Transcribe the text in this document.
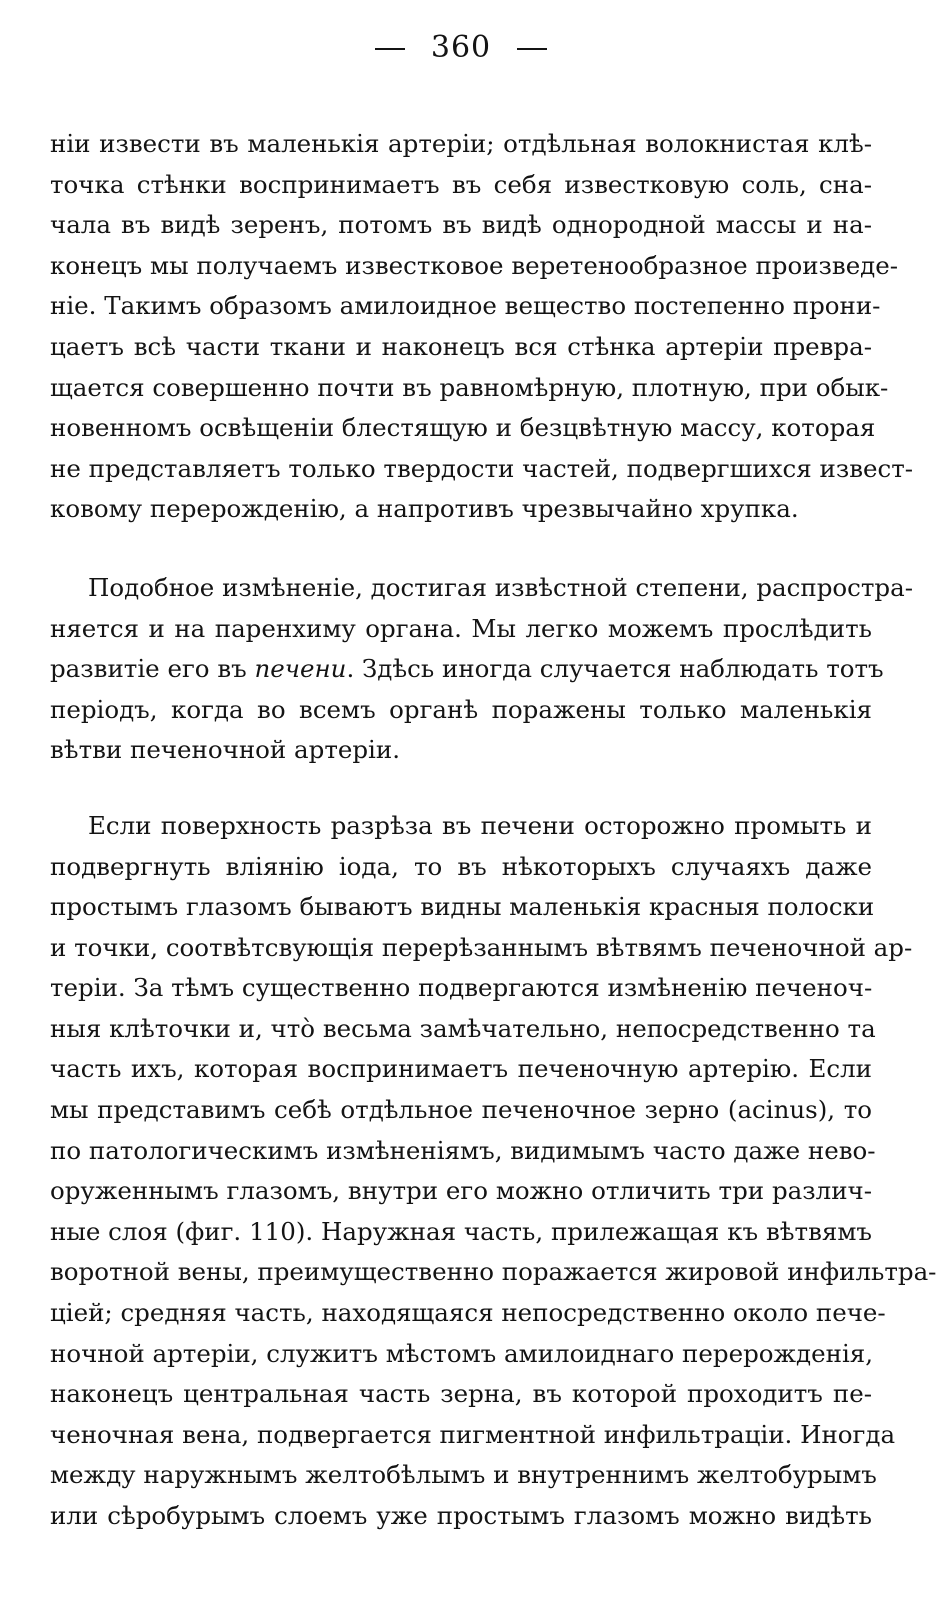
360
ніи извести въ маленькія артеріи; отдѣльная волокнистая клѣ-
точка стѣнки воспринимаетъ въ себя известковую соль, сна-
чала въ видѣ зеренъ, потомъ въ видѣ однородной массы и на-
конецъ мы получаемъ известковое веретенообразное произведе-
ніе. Такимъ образомъ амилоидное вещество постепенно прони-
цаетъ всѣ части ткани и наконецъ вся стѣнка артеріи превра-
щается совершенно почти въ равномѣрную, плотную, при обык-
новенномъ освѣщеніи блестящую и безцвѣтную массу, которая
не представляетъ только твердости частей, подвергшихся извест-
ковому перерожденію, а напротивъ чрезвычайно хрупка.
Подобное измѣненіе, достигая извѣстной степени, распростра-
няется и на паренхиму органа. Мы легко можемъ прослѣдить
развитіе его въ печени. Здѣсь иногда случается наблюдать тотъ
періодъ, когда во всемъ органѣ поражены только маленькія
вѣтви печеночной артеріи.
Если поверхность разрѣза въ печени осторожно промыть и
подвергнуть вліянію іода, то въ нѣкоторыхъ случаяхъ даже
простымъ глазомъ бываютъ видны маленькія красныя полоски
и точки, соотвѣтсвующія перерѣзаннымъ вѣтвямъ печеночной ар-
теріи. За тѣмъ существенно подвергаются измѣненію печеноч-
ныя клѣточки и, что̀ весьма замѣчательно, непосредственно та
часть ихъ, которая воспринимаетъ печеночную артерію. Если
мы представимъ себѣ отдѣльное печеночное зерно (acinus), то
по патологическимъ измѣненіямъ, видимымъ часто даже нево-
оруженнымъ глазомъ, внутри его можно отличить три различ-
ные слоя (фиг. 110). Наружная часть, прилежащая къ вѣтвямъ
воротной вены, преимущественно поражается жировой инфильтра-
ціей; средняя часть, находящаяся непосредственно около пече-
ночной артеріи, служитъ мѣстомъ амилоиднаго перерожденія,
наконецъ центральная часть зерна, въ которой проходитъ пе-
ченочная вена, подвергается пигментной инфильтраціи. Иногда
между наружнымъ желтобѣлымъ и внутреннимъ желтобурымъ
или сѣробурымъ слоемъ уже простымъ глазомъ можно видѣть
